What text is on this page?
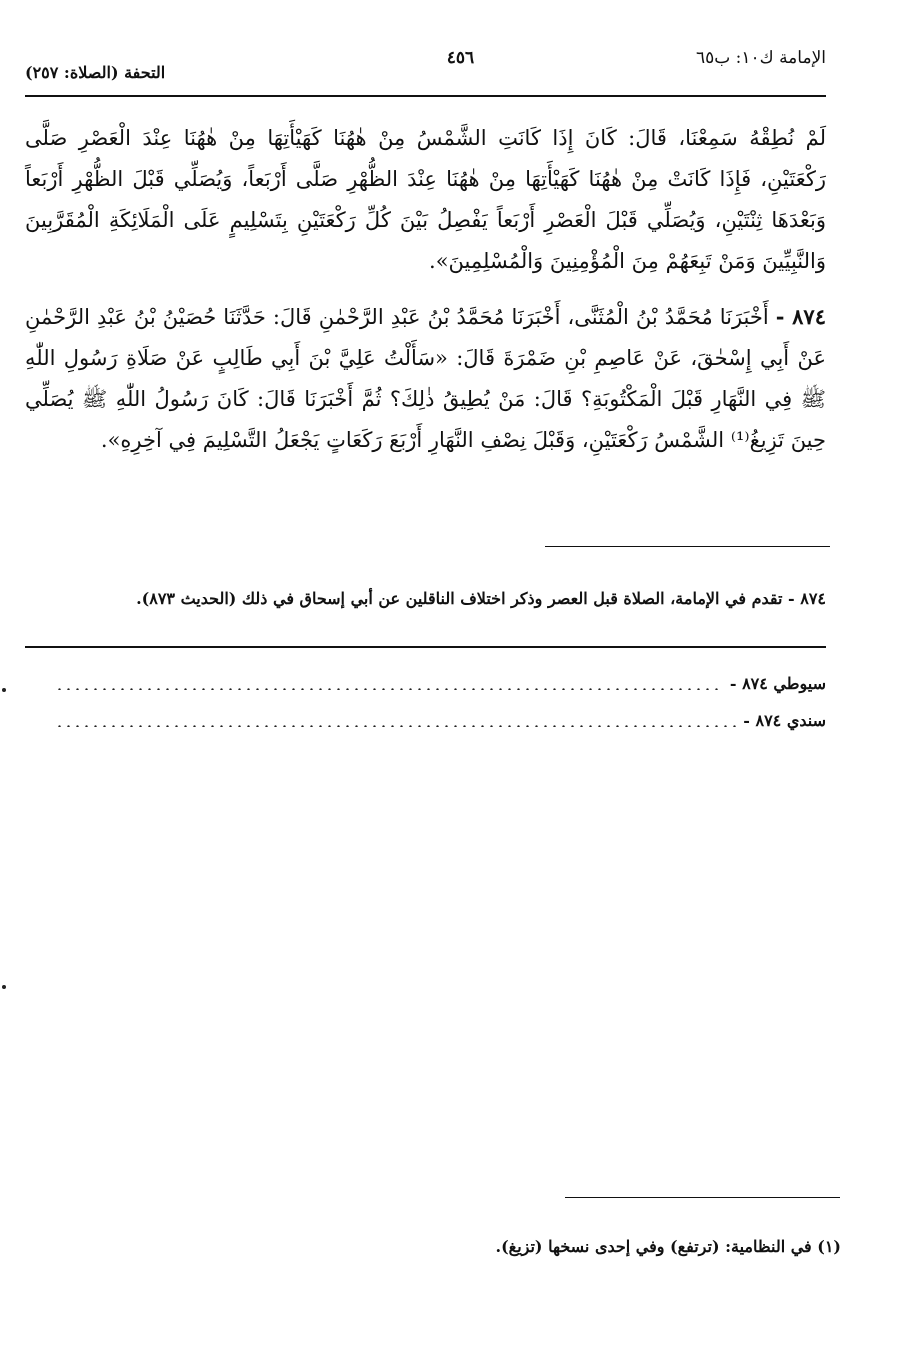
الإمامة ك١٠: ب٦٥
٤٥٦
التحفة (الصلاة: ٢٥٧)

لَمْ نُطِقْهُ سَمِعْنَا، قَالَ: كَانَ إِذَا كَانَتِ الشَّمْسُ مِنْ هٰهُنَا كَهَيْأَتِهَا مِنْ هٰهُنَا عِنْدَ الْعَصْرِ صَلَّى رَكْعَتَيْنِ، فَإِذَا كَانَتْ مِنْ هٰهُنَا كَهَيْأَتِهَا مِنْ هٰهُنَا عِنْدَ الظُّهْرِ صَلَّى أَرْبَعاً، وَيُصَلِّي قَبْلَ الظُّهْرِ أَرْبَعاً وَبَعْدَهَا ثِنْتَيْنِ، وَيُصَلِّي قَبْلَ الْعَصْرِ أَرْبَعاً يَفْصِلُ بَيْنَ كُلِّ رَكْعَتَيْنِ بِتَسْلِيمٍ عَلَى الْمَلَائِكَةِ الْمُقَرَّبِينَ وَالنَّبِيِّينَ وَمَنْ تَبِعَهُمْ مِنَ الْمُؤْمِنِينَ وَالْمُسْلِمِينَ».

٨٧٤ - أَخْبَرَنَا مُحَمَّدُ بْنُ الْمُثَنَّى، أَخْبَرَنَا مُحَمَّدُ بْنُ عَبْدِ الرَّحْمٰنِ قَالَ: حَدَّثَنَا حُصَيْنُ بْنُ عَبْدِ الرَّحْمٰنِ عَنْ أَبِي إِسْحٰقَ، عَنْ عَاصِمِ بْنِ ضَمْرَةَ قَالَ: «سَأَلْتُ عَلِيَّ بْنَ أَبِي طَالِبٍ عَنْ صَلَاةِ رَسُولِ اللّٰهِ ﷺ فِي النَّهَارِ قَبْلَ الْمَكْتُوبَةِ؟ قَالَ: مَنْ يُطِيقُ ذٰلِكَ؟ ثُمَّ أَخْبَرَنَا قَالَ: كَانَ رَسُولُ اللّٰهِ ﷺ يُصَلِّي حِينَ تَزِيغُ⁽¹⁾ الشَّمْسُ رَكْعَتَيْنِ، وَقَبْلَ نِصْفِ النَّهَارِ أَرْبَعَ رَكَعَاتٍ يَجْعَلُ التَّسْلِيمَ فِي آخِرِهِ».

٨٧٤ - تقدم في الإمامة، الصلاة قبل العصر وذكر اختلاف الناقلين عن أبي إسحاق في ذلك (الحديث ٨٧٣).

سيوطي ٨٧٤ -
سندي ٨٧٤ -

(١) في النظامية: (ترتفع) وفي إحدى نسخها (تزيغ).
